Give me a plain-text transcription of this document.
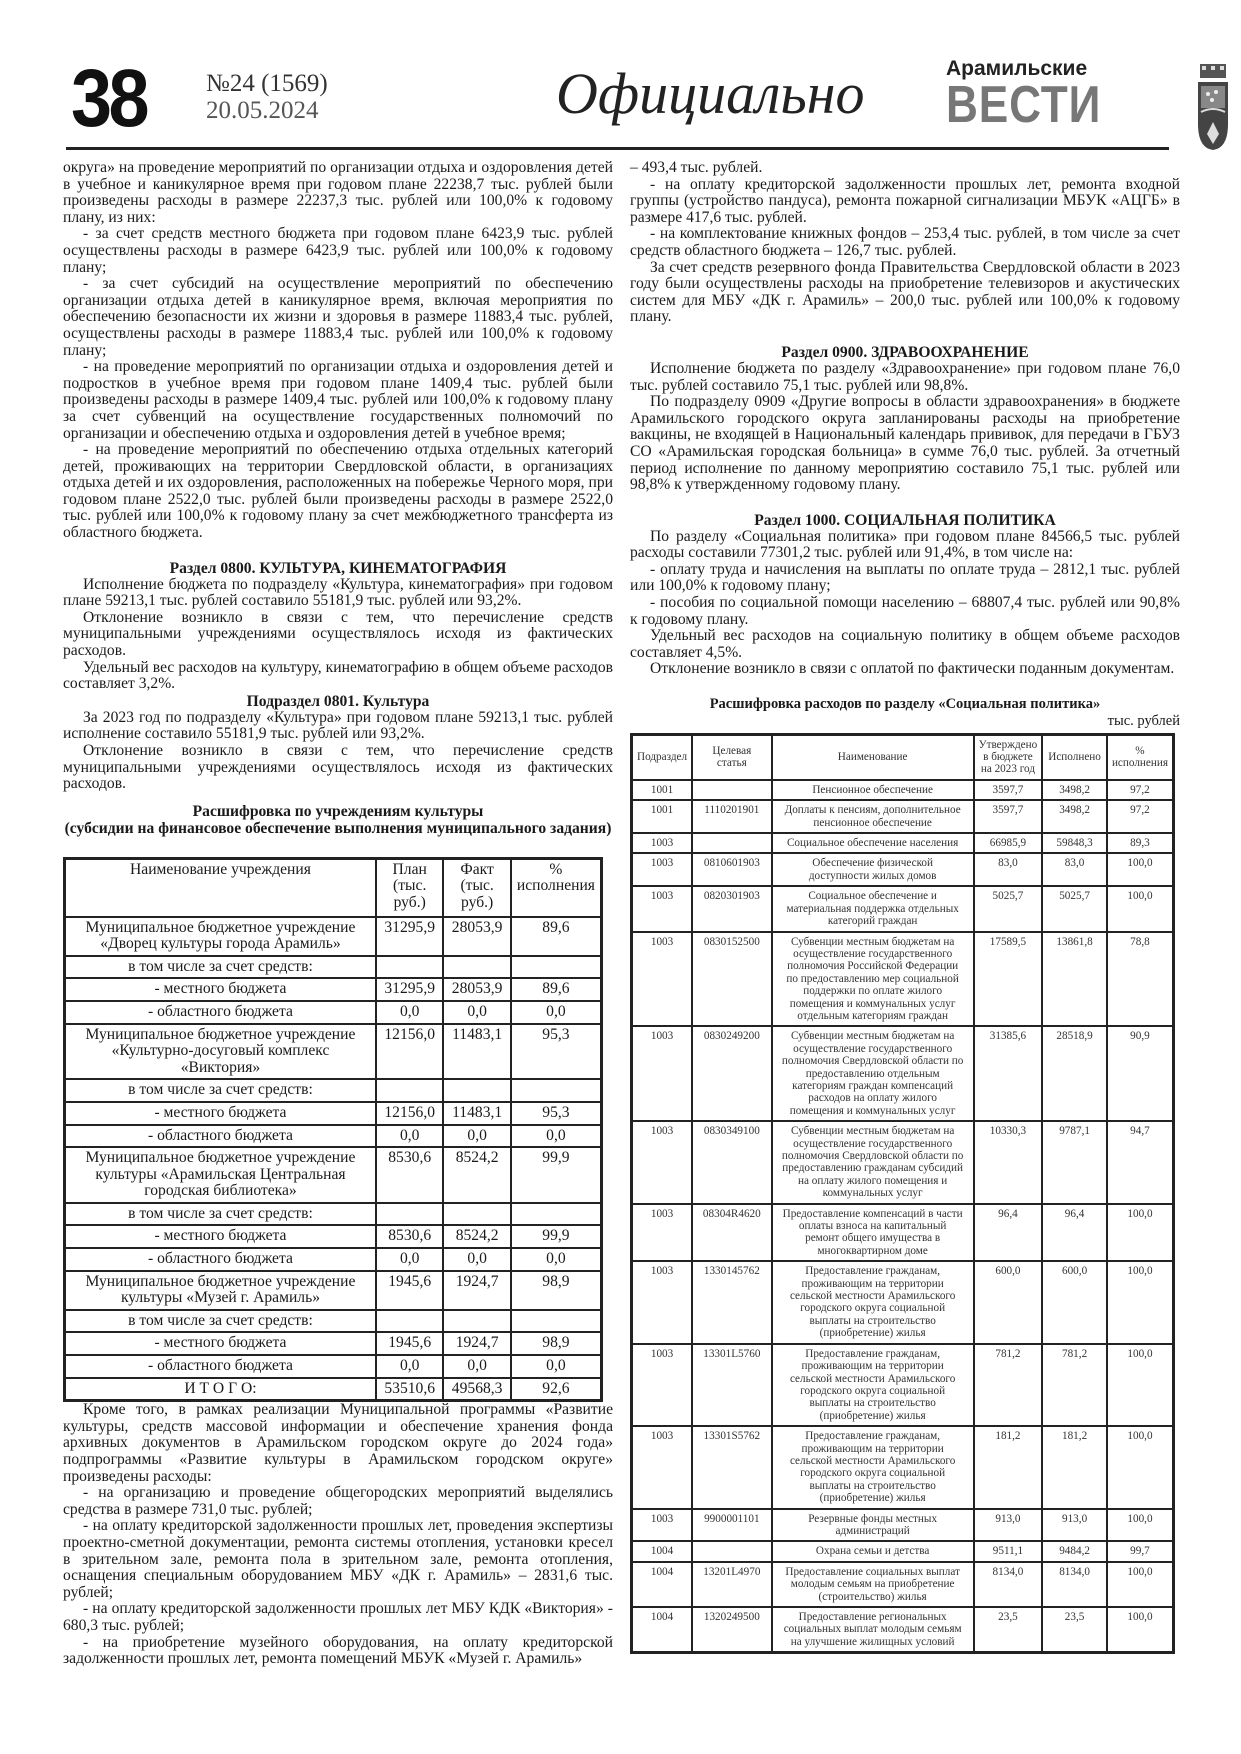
38 №24 (1569)
20.05.2024	Официально	Арамильские
ВЕСТИ

округа» на проведение мероприятий по организации отдыха и оздоровления детей в учебное и каникулярное время при годовом плане 22238,7 тыс. рублей были произведены расходы в размере 22237,3 тыс. рублей или 100,0% к годовому плану, из них:

- за счет средств местного бюджета при годовом плане 6423,9 тыс. рублей осуществлены расходы в размере 6423,9 тыс. рублей или 100,0% к годовому плану;

- за счет субсидий на осуществление мероприятий по обеспечению организации отдыха детей в каникулярное время, включая мероприятия по обеспечению безопасности их жизни и здоровья в размере 11883,4 тыс. рублей, осуществлены расходы в размере 11883,4 тыс. рублей или 100,0% к годовому плану;

- на проведение мероприятий по организации отдыха и оздоровления детей и подростков в учебное время при годовом плане 1409,4 тыс. рублей были произведены расходы в размере 1409,4 тыс. рублей или 100,0% к годовому плану за счет субвенций на осуществление государственных полномочий по организации и обеспечению отдыха и оздоровления детей в учебное время;

- на проведение мероприятий по обеспечению отдыха отдельных категорий детей, проживающих на территории Свердловской области, в организациях отдыха детей и их оздоровления, расположенных на побережье Черного моря, при годовом плане 2522,0 тыс. рублей были произведены расходы в размере 2522,0 тыс. рублей или 100,0% к годовому плану за счет межбюджетного трансферта из областного бюджета.

Раздел 0800. КУЛЬТУРА, КИНЕМАТОГРАФИЯ

Исполнение бюджета по подразделу «Культура, кинематография» при годовом плане 59213,1 тыс. рублей составило 55181,9 тыс. рублей или 93,2%.

Отклонение возникло в связи с тем, что перечисление средств муниципальными учреждениями осуществлялось исходя из фактических расходов.

Удельный вес расходов на культуру, кинематографию в общем объеме расходов составляет 3,2%.

Подраздел 0801. Культура

За 2023 год по подразделу «Культура» при годовом плане 59213,1 тыс. рублей исполнение составило 55181,9 тыс. рублей или 93,2%.

Отклонение возникло в связи с тем, что перечисление средств муниципальными учреждениями осуществлялось исходя из фактических расходов.

Расшифровка по учреждениям культуры
(субсидии на финансовое обеспечение выполнения муниципального задания)
Наименование учреждения	План (тыс. руб.)	Факт (тыс. руб.)	% исполнения
Муниципальное бюджетное учреждение «Дворец культуры города Арамиль»	31295,9	28053,9	89,6
в том числе за счет средств:			
- местного бюджета	31295,9	28053,9	89,6
- областного бюджета	0,0	0,0	0,0
Муниципальное бюджетное учреждение «Культурно-досуговый комплекс «Виктория»	12156,0	11483,1	95,3
в том числе за счет средств:			
- местного бюджета	12156,0	11483,1	95,3
- областного бюджета	0,0	0,0	0,0
Муниципальное бюджетное учреждение культуры «Арамильская Центральная городская библиотека»	8530,6	8524,2	99,9
в том числе за счет средств:			
- местного бюджета	8530,6	8524,2	99,9
- областного бюджета	0,0	0,0	0,0
Муниципальное бюджетное учреждение культуры «Музей г. Арамиль»	1945,6	1924,7	98,9
в том числе за счет средств:			
- местного бюджета	1945,6	1924,7	98,9
- областного бюджета	0,0	0,0	0,0
И Т О Г О:	53510,6	49568,3	92,6

Кроме того, в рамках реализации Муниципальной программы «Развитие культуры, средств массовой информации и обеспечение хранения фонда архивных документов в Арамильском городском округе до 2024 года» подпрограммы «Развитие культуры в Арамильском городском округе» произведены расходы:

- на организацию и проведение общегородских мероприятий выделялись средства в размере 731,0 тыс. рублей;

- на оплату кредиторской задолженности прошлых лет, проведения экспертизы проектно-сметной документации, ремонта системы отопления, установки кресел в зрительном зале, ремонта пола в зрительном зале, ремонта отопления, оснащения специальным оборудованием МБУ «ДК г. Арамиль» – 2831,6 тыс. рублей;

- на оплату кредиторской задолженности прошлых лет МБУ КДК «Виктория» - 680,3 тыс. рублей;

- на приобретение музейного оборудования, на оплату кредиторской задолженности прошлых лет, ремонта помещений МБУК «Музей г. Арамиль»

– 493,4 тыс. рублей.

- на оплату кредиторской задолженности прошлых лет, ремонта входной группы (устройство пандуса), ремонта пожарной сигнализации МБУК «АЦГБ» в размере 417,6 тыс. рублей.

- на комплектование книжных фондов – 253,4 тыс. рублей, в том числе за счет средств областного бюджета – 126,7 тыс. рублей.

За счет средств резервного фонда Правительства Свердловской области в 2023 году были осуществлены расходы на приобретение телевизоров и акустических систем для МБУ «ДК г. Арамиль» – 200,0 тыс. рублей или 100,0% к годовому плану.

Раздел 0900. ЗДРАВООХРАНЕНИЕ

Исполнение бюджета по разделу «Здравоохранение» при годовом плане 76,0 тыс. рублей составило 75,1 тыс. рублей или 98,8%.

По подразделу 0909 «Другие вопросы в области здравоохранения» в бюджете Арамильского городского округа запланированы расходы на приобретение вакцины, не входящей в Национальный календарь прививок, для передачи в ГБУЗ СО «Арамильская городская больница» в сумме 76,0 тыс. рублей. За отчетный период исполнение по данному мероприятию составило 75,1 тыс. рублей или 98,8% к утвержденному годовому плану.

Раздел 1000. СОЦИАЛЬНАЯ ПОЛИТИКА

По разделу «Социальная политика» при годовом плане 84566,5 тыс. рублей расходы составили 77301,2 тыс. рублей или 91,4%, в том числе на:

- оплату труда и начисления на выплаты по оплате труда – 2812,1 тыс. рублей или 100,0% к годовому плану;

- пособия по социальной помощи населению – 68807,4 тыс. рублей или 90,8% к годовому плану.

Удельный вес расходов на социальную политику в общем объеме расходов составляет 4,5%.

Отклонение возникло в связи с оплатой по фактически поданным документам.

Расшифровка расходов по разделу «Социальная политика»
тыс. рублей
Подраздел	Целевая статья	Наименование	Утверждено в бюджете на 2023 год	Исполнено	% исполнения
1001		Пенсионное обеспечение	3597,7	3498,2	97,2
1001	1110201901	Доплаты к пенсиям, дополнительное пенсионное обеспечение	3597,7	3498,2	97,2
1003		Социальное обеспечение населения	66985,9	59848,3	89,3
1003	0810601903	Обеспечение физической доступности жилых домов	83,0	83,0	100,0
1003	0820301903	Социальное обеспечение и материальная поддержка отдельных категорий граждан	5025,7	5025,7	100,0
1003	0830152500	Субвенции местным бюджетам на осуществление государственного полномочия Российской Федерации по предоставлению мер социальной поддержки по оплате жилого помещения и коммунальных услуг отдельным категориям граждан	17589,5	13861,8	78,8
1003	0830249200	Субвенции местным бюджетам на осуществление государственного полномочия Свердловской области по предоставлению отдельным категориям граждан компенсаций расходов на оплату жилого помещения и коммунальных услуг	31385,6	28518,9	90,9
1003	0830349100	Субвенции местным бюджетам на осуществление государственного полномочия Свердловской области по предоставлению гражданам субсидий на оплату жилого помещения и коммунальных услуг	10330,3	9787,1	94,7
1003	08304R4620	Предоставление компенсаций в части оплаты взноса на капитальный ремонт общего имущества в многоквартирном доме	96,4	96,4	100,0
1003	1330145762	Предоставление гражданам, проживающим на территории сельской местности Арамильского городского округа социальной выплаты на строительство (приобретение) жилья	600,0	600,0	100,0
1003	13301L5760	Предоставление гражданам, проживающим на территории сельской местности Арамильского городского округа социальной выплаты на строительство (приобретение) жилья	781,2	781,2	100,0
1003	13301S5762	Предоставление гражданам, проживающим на территории сельской местности Арамильского городского округа социальной выплаты на строительство (приобретение) жилья	181,2	181,2	100,0
1003	9900001101	Резервные фонды местных администраций	913,0	913,0	100,0
1004		Охрана семьи и детства	9511,1	9484,2	99,7
1004	13201L4970	Предоставление социальных выплат молодым семьям на приобретение (строительство) жилья	8134,0	8134,0	100,0
1004	1320249500	Предоставление региональных социальных выплат молодым семьям на улучшение жилищных условий	23,5	23,5	100,0
